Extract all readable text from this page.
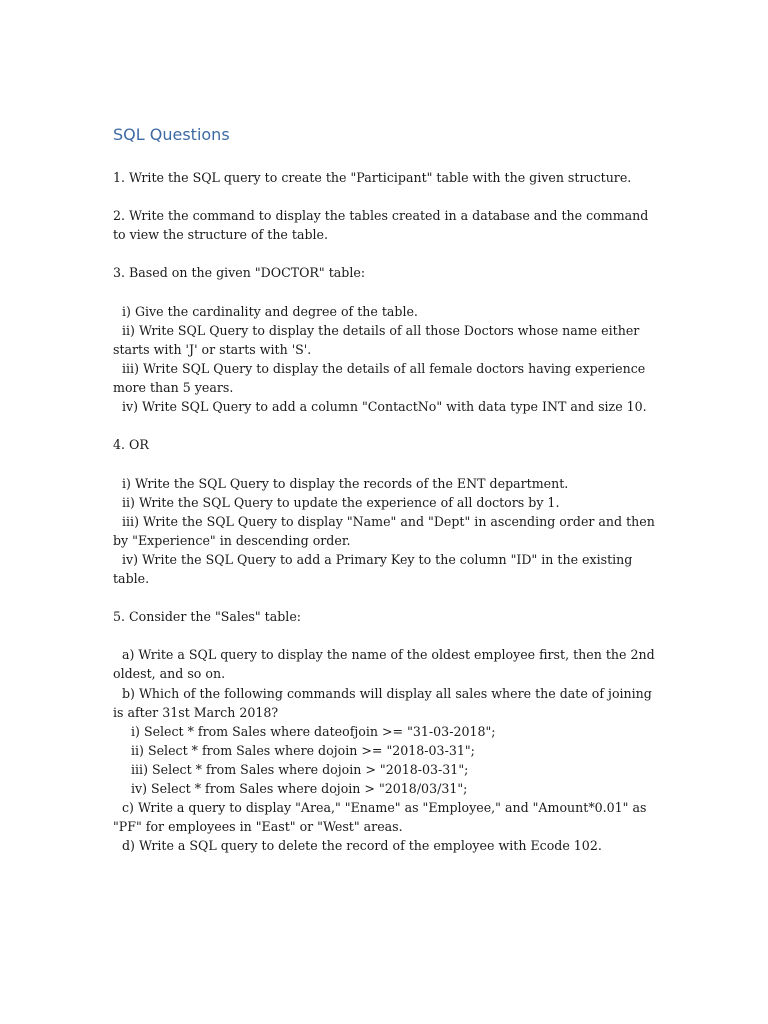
SQL Questions

1. Write the SQL query to create the "Participant" table with the given structure.

2. Write the command to display the tables created in a database and the command to view the structure of the table.

3. Based on the given "DOCTOR" table:

i) Give the cardinality and degree of the table.

ii) Write SQL Query to display the details of all those Doctors whose name either starts with 'J' or starts with 'S'.

iii) Write SQL Query to display the details of all female doctors having experience more than 5 years.

iv) Write SQL Query to add a column "ContactNo" with data type INT and size 10.

4. OR

i) Write the SQL Query to display the records of the ENT department.

ii) Write the SQL Query to update the experience of all doctors by 1.

iii) Write the SQL Query to display "Name" and "Dept" in ascending order and then by "Experience" in descending order.

iv) Write the SQL Query to add a Primary Key to the column "ID" in the existing table.

5. Consider the "Sales" table:

a) Write a SQL query to display the name of the oldest employee first, then the 2nd oldest, and so on.

b) Which of the following commands will display all sales where the date of joining is after 31st March 2018?

i) Select * from Sales where dateofjoin >= "31-03-2018";

ii) Select * from Sales where dojoin >= "2018-03-31";

iii) Select * from Sales where dojoin > "2018-03-31";

iv) Select * from Sales where dojoin > "2018/03/31";

c) Write a query to display "Area," "Ename" as "Employee," and "Amount*0.01" as "PF" for employees in "East" or "West" areas.

d) Write a SQL query to delete the record of the employee with Ecode 102.
